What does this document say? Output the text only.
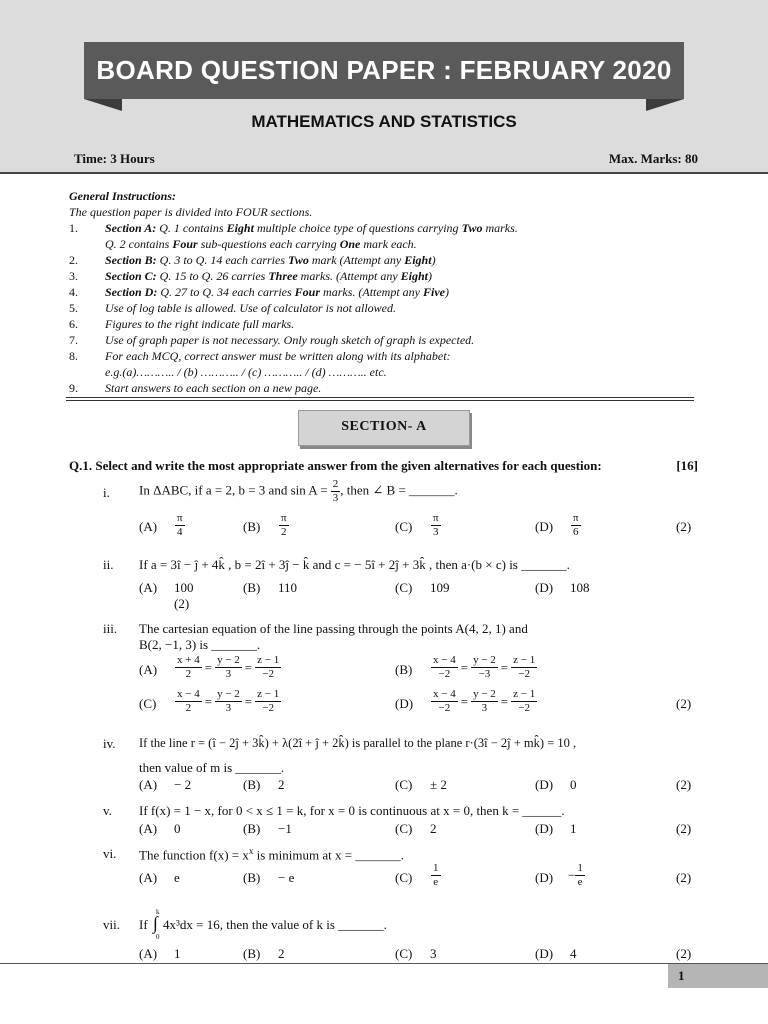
BOARD QUESTION PAPER : FEBRUARY 2020
MATHEMATICS AND STATISTICS
Time: 3 Hours	Max. Marks: 80
General Instructions:
The question paper is divided into FOUR sections.
1. Section A: Q. 1 contains Eight multiple choice type of questions carrying Two marks.
Q. 2 contains Four sub-questions each carrying One mark each.
2. Section B: Q. 3 to Q. 14 each carries Two mark (Attempt any Eight)
3. Section C: Q. 15 to Q. 26 carries Three marks. (Attempt any Eight)
4. Section D: Q. 27 to Q. 34 each carries Four marks. (Attempt any Five)
5. Use of log table is allowed. Use of calculator is not allowed.
6. Figures to the right indicate full marks.
7. Use of graph paper is not necessary. Only rough sketch of graph is expected.
8. For each MCQ, correct answer must be written along with its alphabet:
e.g.(a)……….. / (b) ……….. / (c) ……….. / (d) ……….. etc.
9. Start answers to each section on a new page.
SECTION- A
Q.1. Select and write the most appropriate answer from the given alternatives for each question:	[16]
i. In ΔABC, if a = 2, b = 3 and $\sin A = \frac{2}{3}$ , then ∠ B = _______.
$(A) \frac{\pi}{4}$	$(B) \frac{\pi}{2}$	$(C) \frac{\pi}{3}$	$(D) \frac{\pi}{6}$	(2)
ii. If a = 3î − ĵ + 4k̂ , b = 2î + 3ĵ − k̂ and c = − 5î + 2ĵ + 3k̂ , then a·(b × c) is _______.
(A) 100	(B) 110	(C) 109	(D) 108
(2)
iii. The cartesian equation of the line passing through the points A(4, 2, 1) and
B(2, −1, 3) is _______.
$(A) \frac{x + 4}{2} = \frac{y - 2}{3} = \frac{z - 1}{-2}$	$(B) \frac{x - 4}{-2} = \frac{y - 2}{-3} = \frac{z - 1}{-2}$
$(C) \frac{x - 4}{2} = \frac{y - 2}{3} = \frac{z - 1}{-2}$	$(D) \frac{x - 4}{-2} = \frac{y - 2}{3} = \frac{z - 1}{-2}$	(2)
iv. If the line r = (î − 2ĵ + 3k̂) + λ(2î + ĵ + 2k̂) is parallel to the plane r·(3î − 2ĵ + mk̂) = 10 ,
then value of m is _______.
(A) − 2	(B) 2	(C) ± 2	(D) 0	(2)
v. If f(x) = 1 − x, for 0 < x ≤ 1 = k, for x = 0 is continuous at x = 0, then k = ______.
(A) 0	(B) −1	(C) 2	(D) 1	(2)
vi. The function $f(x) = x^x$ is minimum at x = _______.
(A) e	(B) − e	$(C) \frac{1}{e}$	$(D) - \frac{1}{e}$	(2)
vii. If
k
∫
0
4x³dx = 16, then the value of k is _______.
(A) 1	(B) 2	(C) 3	(D) 4	(2)
1
